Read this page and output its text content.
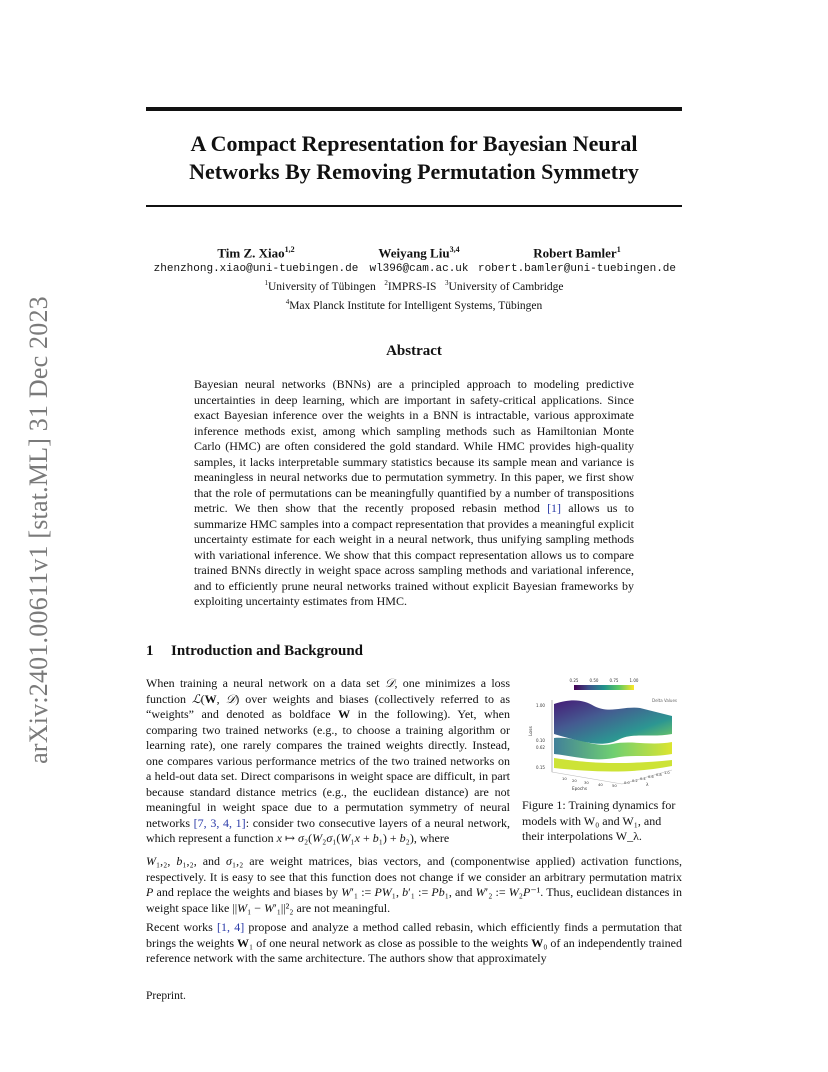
arXiv:2401.00611v1 [stat.ML] 31 Dec 2023
A Compact Representation for Bayesian Neural
Networks By Removing Permutation Symmetry
Tim Z. Xiao$^{1,2}$
zhenzhong.xiao@uni-tuebingen.de
Weiyang Liu$^{3,4}$
wl396@cam.ac.uk
Robert Bamler$^1$
robert.bamler@uni-tuebingen.de
$^1$University of Tübingen $^2$IMPRS-IS $^3$University of Cambridge
$^4$Max Planck Institute for Intelligent Systems, Tübingen
Abstract
Bayesian neural networks (BNNs) are a principled approach to modeling predictive uncertainties in deep learning, which are important in safety-critical applications. Since exact Bayesian inference over the weights in a BNN is intractable, various approximate inference methods exist, among which sampling methods such as Hamiltonian Monte Carlo (HMC) are often considered the gold standard. While HMC provides high-quality samples, it lacks interpretable summary statistics because its sample mean and variance is meaningless in neural networks due to permutation symmetry. In this paper, we first show that the role of permutations can be meaningfully quantified by a number of transpositions metric. We then show that the recently proposed rebasin method [1] allows us to summarize HMC samples into a compact representation that provides a meaningful explicit uncertainty estimate for each weight in a neural network, thus unifying sampling methods with variational inference. We show that this compact representation allows us to compare trained BNNs directly in weight space across sampling methods and variational inference, and to efficiently prune neural networks trained without explicit Bayesian frameworks by exploiting uncertainty estimates from HMC.
1 Introduction and Background
When training a neural network on a data set 𝒟, one minimizes a loss function ℒ(W, 𝒟) over weights and biases (collectively referred to as “weights” and denoted as boldface W in the following). Yet, when comparing two trained networks (e.g., to choose a training algorithm or learning rate), one rarely compares the trained weights directly. Instead, one compares various performance metrics of the two trained networks on a held-out data set. Direct comparisons in weight space are difficult, in part because standard distance metrics (e.g., the euclidean distance) are not meaningful in weight space due to a permutation symmetry of neural networks [7, 3, 4, 1]: consider two consecutive layers of a neural network, which represent a function x ↦ σ₂(W₂σ₁(W₁x + b₁) + b₂), where
W₁,₂, b₁,₂, and σ₁,₂ are weight matrices, bias vectors, and (componentwise applied) activation functions, respectively. It is easy to see that this function does not change if we consider an arbitrary permutation matrix P and replace the weights and biases by W′₁ := PW₁, b′₁ := Pb₁, and W′₂ := W₂P⁻¹. Thus, euclidean distances in weight space like ||W₁ − W′₁||²₂ are not meaningful.
Recent works [1, 4] propose and analyze a method called rebasin, which efficiently finds a permutation that brings the weights W₁ of one neural network as close as possible to the weights W₀ of an independently trained reference network with the same architecture. The authors show that approximately
0.25	0.50	0.75	1.00
Delta Values
Loss
1.00
0.10
0.62
0.15
10 20 30 40 50
Epochs
0.0 0.2 0.4 0.6 0.8 1.0
λ
Figure 1: Training dynamics for models with W₀ and W₁, and their interpolations W_λ.
Preprint.
